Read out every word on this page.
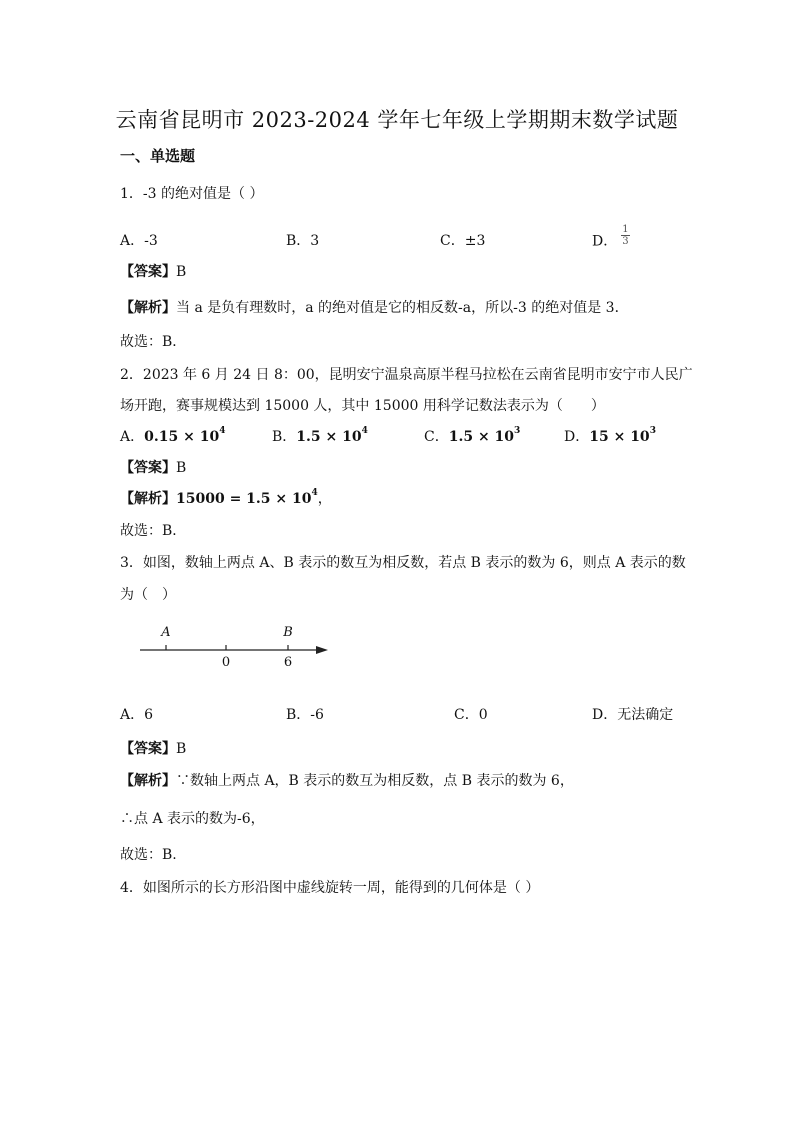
云南省昆明市 2023-2024 学年七年级上学期期末数学试题
一、单选题
1．-3 的绝对值是（ ）
A．-3	B．3	C．±3	D． $\frac{1}{3}$
【答案】B
【解析】当 a 是负有理数时，a 的绝对值是它的相反数-a，所以-3 的绝对值是 3．
故选：B．
2．2023 年 6 月 24 日 8：00，昆明安宁温泉高原半程马拉松在云南省昆明市安宁市人民广
场开跑，赛事规模达到 15000 人，其中 15000 用科学记数法表示为（　　）
A．$0.15 \times 10^4$	B．$1.5 \times 10^4$	C．$1.5 \times 10^3$	D．$15 \times 10^3$
【答案】B
【解析】$15000 = 1.5 \times 10^4$，
故选：B．
3．如图，数轴上两点 A、B 表示的数互为相反数，若点 B 表示的数为 6，则点 A 表示的数
为（　）
A	B
0	6
A．6	B．-6	C．0	D．无法确定
【答案】B
【解析】∵数轴上两点 A，B 表示的数互为相反数，点 B 表示的数为 6，
∴点 A 表示的数为-6，
故选：B.
4．如图所示的长方形沿图中虚线旋转一周，能得到的几何体是（ ）
